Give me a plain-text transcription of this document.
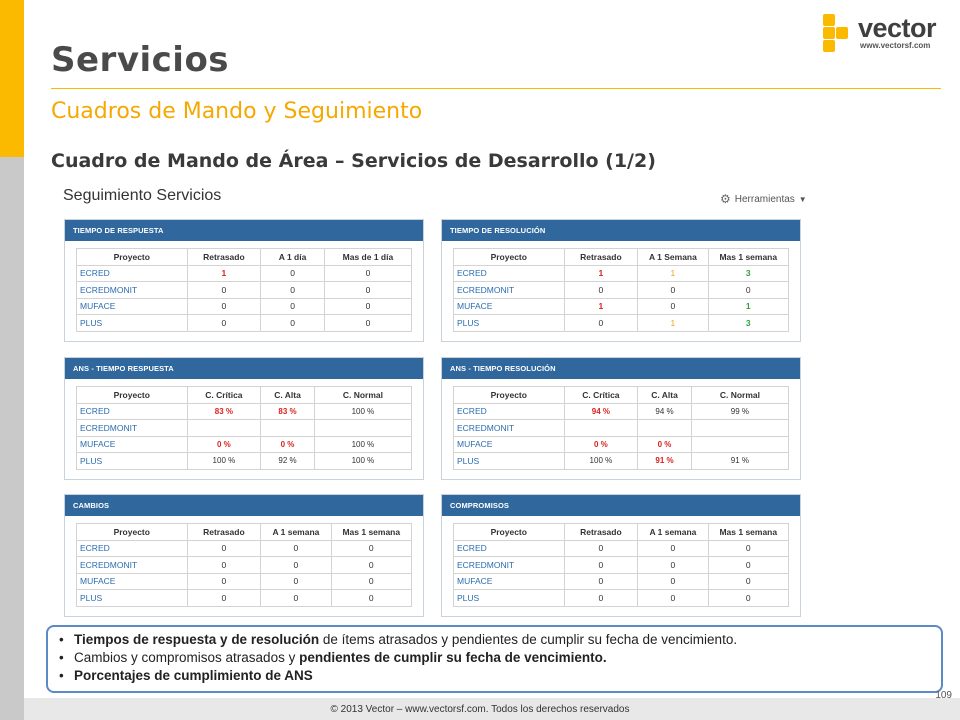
Servicios
Cuadros de Mando y Seguimiento
Cuadro de Mando de Área – Servicios de Desarrollo (1/2)
vector
www.vectorsf.com
Seguimiento Servicios	⚙ Herramientas ▼
TIEMPO DE RESPUESTA
Proyecto	Retrasado	A 1 día	Mas de 1 día
ECRED	1	0	0
ECREDMONIT	0	0	0
MUFACE	0	0	0
PLUS	0	0	0
TIEMPO DE RESOLUCIÓN
Proyecto	Retrasado	A 1 Semana	Mas 1 semana
ECRED	1	1	3
ECREDMONIT	0	0	0
MUFACE	1	0	1
PLUS	0	1	3
ANS - TIEMPO RESPUESTA
Proyecto	C. Crítica	C. Alta	C. Normal
ECRED	83 %	83 %	100 %
ECREDMONIT			
MUFACE	0 %	0 %	100 %
PLUS	100 %	92 %	100 %
ANS - TIEMPO RESOLUCIÓN
Proyecto	C. Crítica	C. Alta	C. Normal
ECRED	94 %	94 %	99 %
ECREDMONIT			
MUFACE	0 %	0 %	
PLUS	100 %	91 %	91 %
CAMBIOS
Proyecto	Retrasado	A 1 semana	Mas 1 semana
ECRED	0	0	0
ECREDMONIT	0	0	0
MUFACE	0	0	0
PLUS	0	0	0
COMPROMISOS
Proyecto	Retrasado	A 1 semana	Mas 1 semana
ECRED	0	0	0
ECREDMONIT	0	0	0
MUFACE	0	0	0
PLUS	0	0	0
• Tiempos de respuesta y de resolución de ítems atrasados y pendientes de cumplir su fecha de vencimiento.
• Cambios y compromisos atrasados y pendientes de cumplir su fecha de vencimiento.
• Porcentajes de cumplimiento de ANS
© 2013 Vector – www.vectorsf.com. Todos los derechos reservados
109
